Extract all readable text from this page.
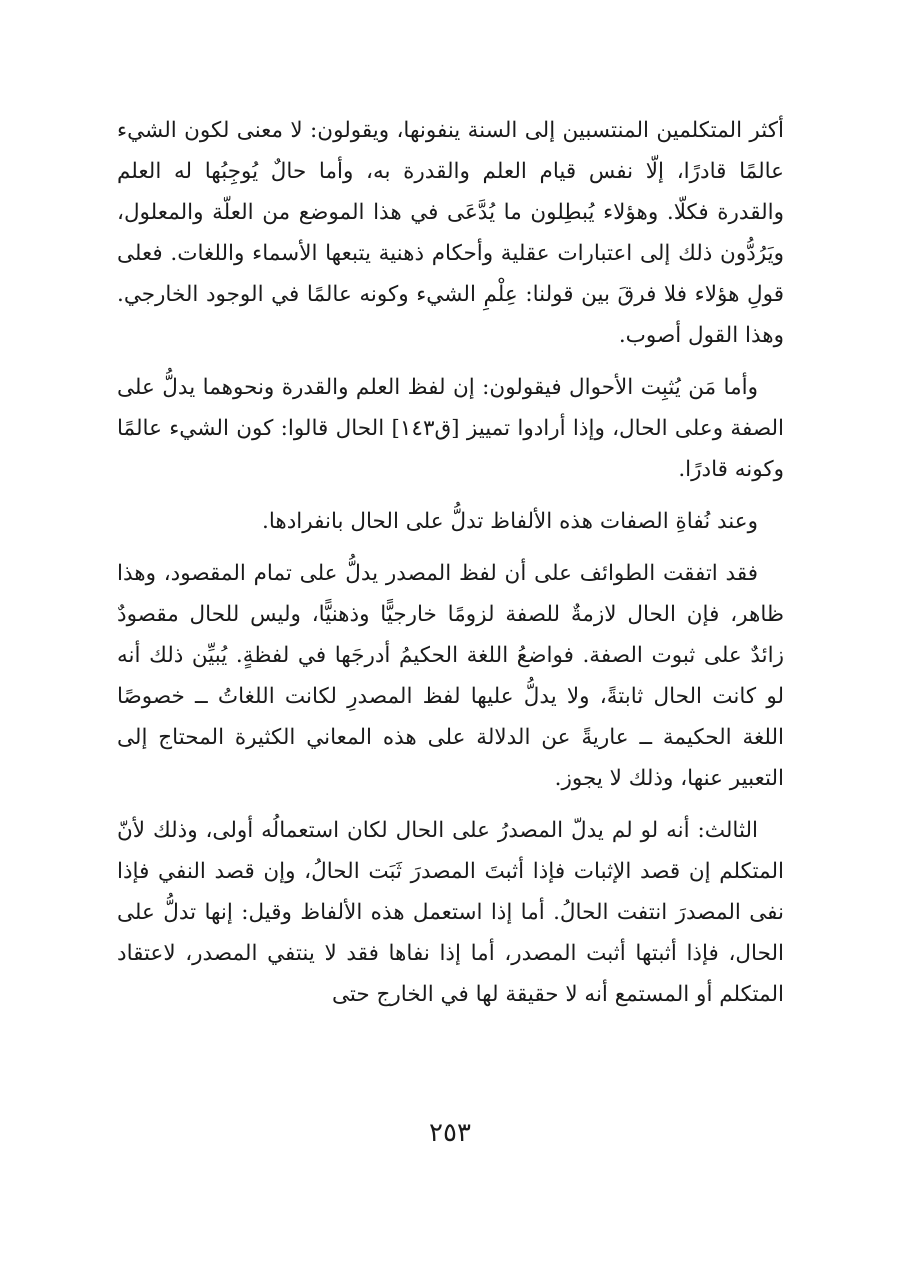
أكثر المتكلمين المنتسبين إلى السنة ينفونها، ويقولون: لا معنى لكون الشيء عالمًا قادرًا، إلّا نفس قيام العلم والقدرة به، وأما حالٌ يُوجِبُها له العلم والقدرة فكلّا. وهؤلاء يُبطِلون ما يُدَّعَى في هذا الموضع من العلّة والمعلول، ويَرُدُّون ذلك إلى اعتبارات عقلية وأحكام ذهنية يتبعها الأسماء واللغات. فعلى قولِ هؤلاء فلا فرقَ بين قولنا: عِلْمِ الشيء وكونه عالمًا في الوجود الخارجي. وهذا القول أصوب.

وأما مَن يُثبِت الأحوال فيقولون: إن لفظ العلم والقدرة ونحوهما يدلُّ على الصفة وعلى الحال، وإذا أرادوا تمييز [ق١٤٣] الحال قالوا: كون الشيء عالمًا وكونه قادرًا.

وعند نُفاةِ الصفات هذه الألفاظ تدلُّ على الحال بانفرادها.

فقد اتفقت الطوائف على أن لفظ المصدر يدلُّ على تمام المقصود، وهذا ظاهر، فإن الحال لازمةٌ للصفة لزومًا خارجيًّا وذهنيًّا، وليس للحال مقصودٌ زائدٌ على ثبوت الصفة. فواضعُ اللغة الحكيمُ أدرجَها في لفظةٍ. يُبيِّن ذلك أنه لو كانت الحال ثابتةً، ولا يدلُّ عليها لفظ المصدرِ لكانت اللغاتُ ــ خصوصًا اللغة الحكيمة ــ عاريةً عن الدلالة على هذه المعاني الكثيرة المحتاج إلى التعبير عنها، وذلك لا يجوز.

الثالث: أنه لو لم يدلّ المصدرُ على الحال لكان استعمالُه أولى، وذلك لأنّ المتكلم إن قصد الإثبات فإذا أثبتَ المصدرَ ثَبَت الحالُ، وإن قصد النفي فإذا نفى المصدرَ انتفت الحالُ. أما إذا استعمل هذه الألفاظ وقيل: إنها تدلُّ على الحال، فإذا أثبتها أثبت المصدر، أما إذا نفاها فقد لا ينتفي المصدر، لاعتقاد المتكلم أو المستمع أنه لا حقيقة لها في الخارج حتى

٢٥٣
